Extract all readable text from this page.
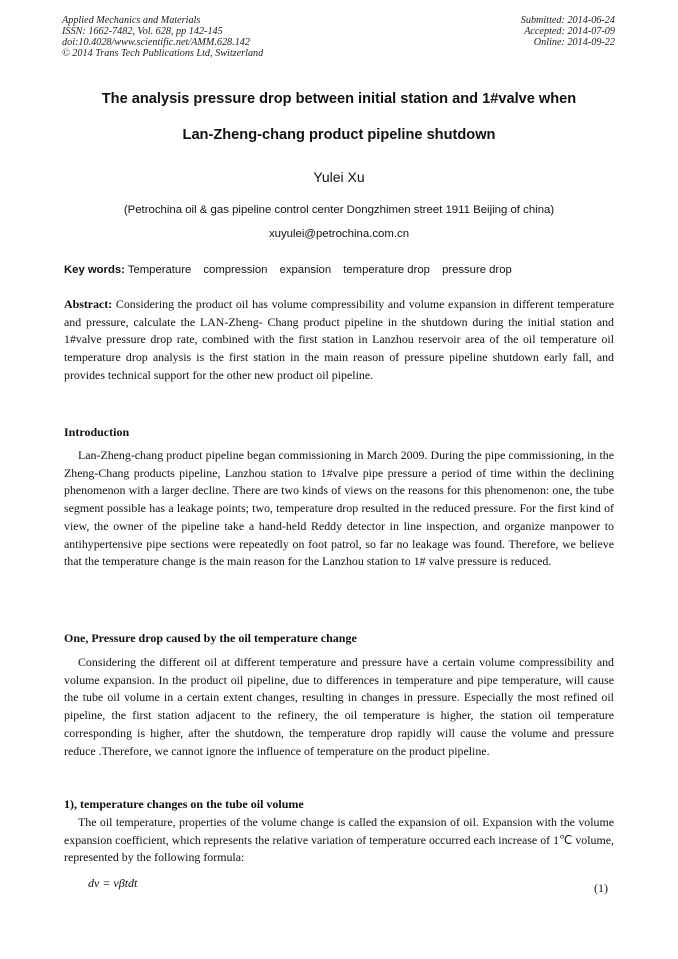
Applied Mechanics and Materials
ISSN: 1662-7482, Vol. 628, pp 142-145
doi:10.4028/www.scientific.net/AMM.628.142
© 2014 Trans Tech Publications Ltd, Switzerland
Submitted: 2014-06-24
Accepted: 2014-07-09
Online: 2014-09-22
The analysis pressure drop between initial station and 1#valve when
Lan-Zheng-chang product pipeline shutdown
Yulei Xu
(Petrochina oil & gas pipeline control center Dongzhimen street 1911 Beijing of china)
xuyulei@petrochina.com.cn
Key words: Temperature compression expansion temperature drop pressure drop
Abstract: Considering the product oil has volume compressibility and volume expansion in different temperature and pressure, calculate the LAN-Zheng- Chang product pipeline in the shutdown during the initial station and 1#valve pressure drop rate, combined with the first station in Lanzhou reservoir area of the oil temperature oil temperature drop analysis is the first station in the main reason of pressure pipeline shutdown early fall, and provides technical support for the other new product oil pipeline.
Introduction
Lan-Zheng-chang product pipeline began commissioning in March 2009. During the pipe commissioning, in the Zheng-Chang products pipeline, Lanzhou station to 1#valve pipe pressure a period of time within the declining phenomenon with a larger decline. There are two kinds of views on the reasons for this phenomenon: one, the tube segment possible has a leakage points; two, temperature drop resulted in the reduced pressure. For the first kind of view, the owner of the pipeline take a hand-held Reddy detector in line inspection, and organize manpower to antihypertensive pipe sections were repeatedly on foot patrol, so far no leakage was found. Therefore, we believe that the temperature change is the main reason for the Lanzhou station to 1# valve pressure is reduced.
One, Pressure drop caused by the oil temperature change
Considering the different oil at different temperature and pressure have a certain volume compressibility and volume expansion. In the product oil pipeline, due to differences in temperature and pipe temperature, will cause the tube oil volume in a certain extent changes, resulting in changes in pressure. Especially the most refined oil pipeline, the first station adjacent to the refinery, the oil temperature is higher, the station oil temperature corresponding is higher, after the shutdown, the temperature drop rapidly will cause the volume and pressure reduce .Therefore, we cannot ignore the influence of temperature on the product pipeline.
1), temperature changes on the tube oil volume
The oil temperature, properties of the volume change is called the expansion of oil. Expansion with the volume expansion coefficient, which represents the relative variation of temperature occurred each increase of 1℃ volume, represented by the following formula:
dv = vβtdt	(1)
